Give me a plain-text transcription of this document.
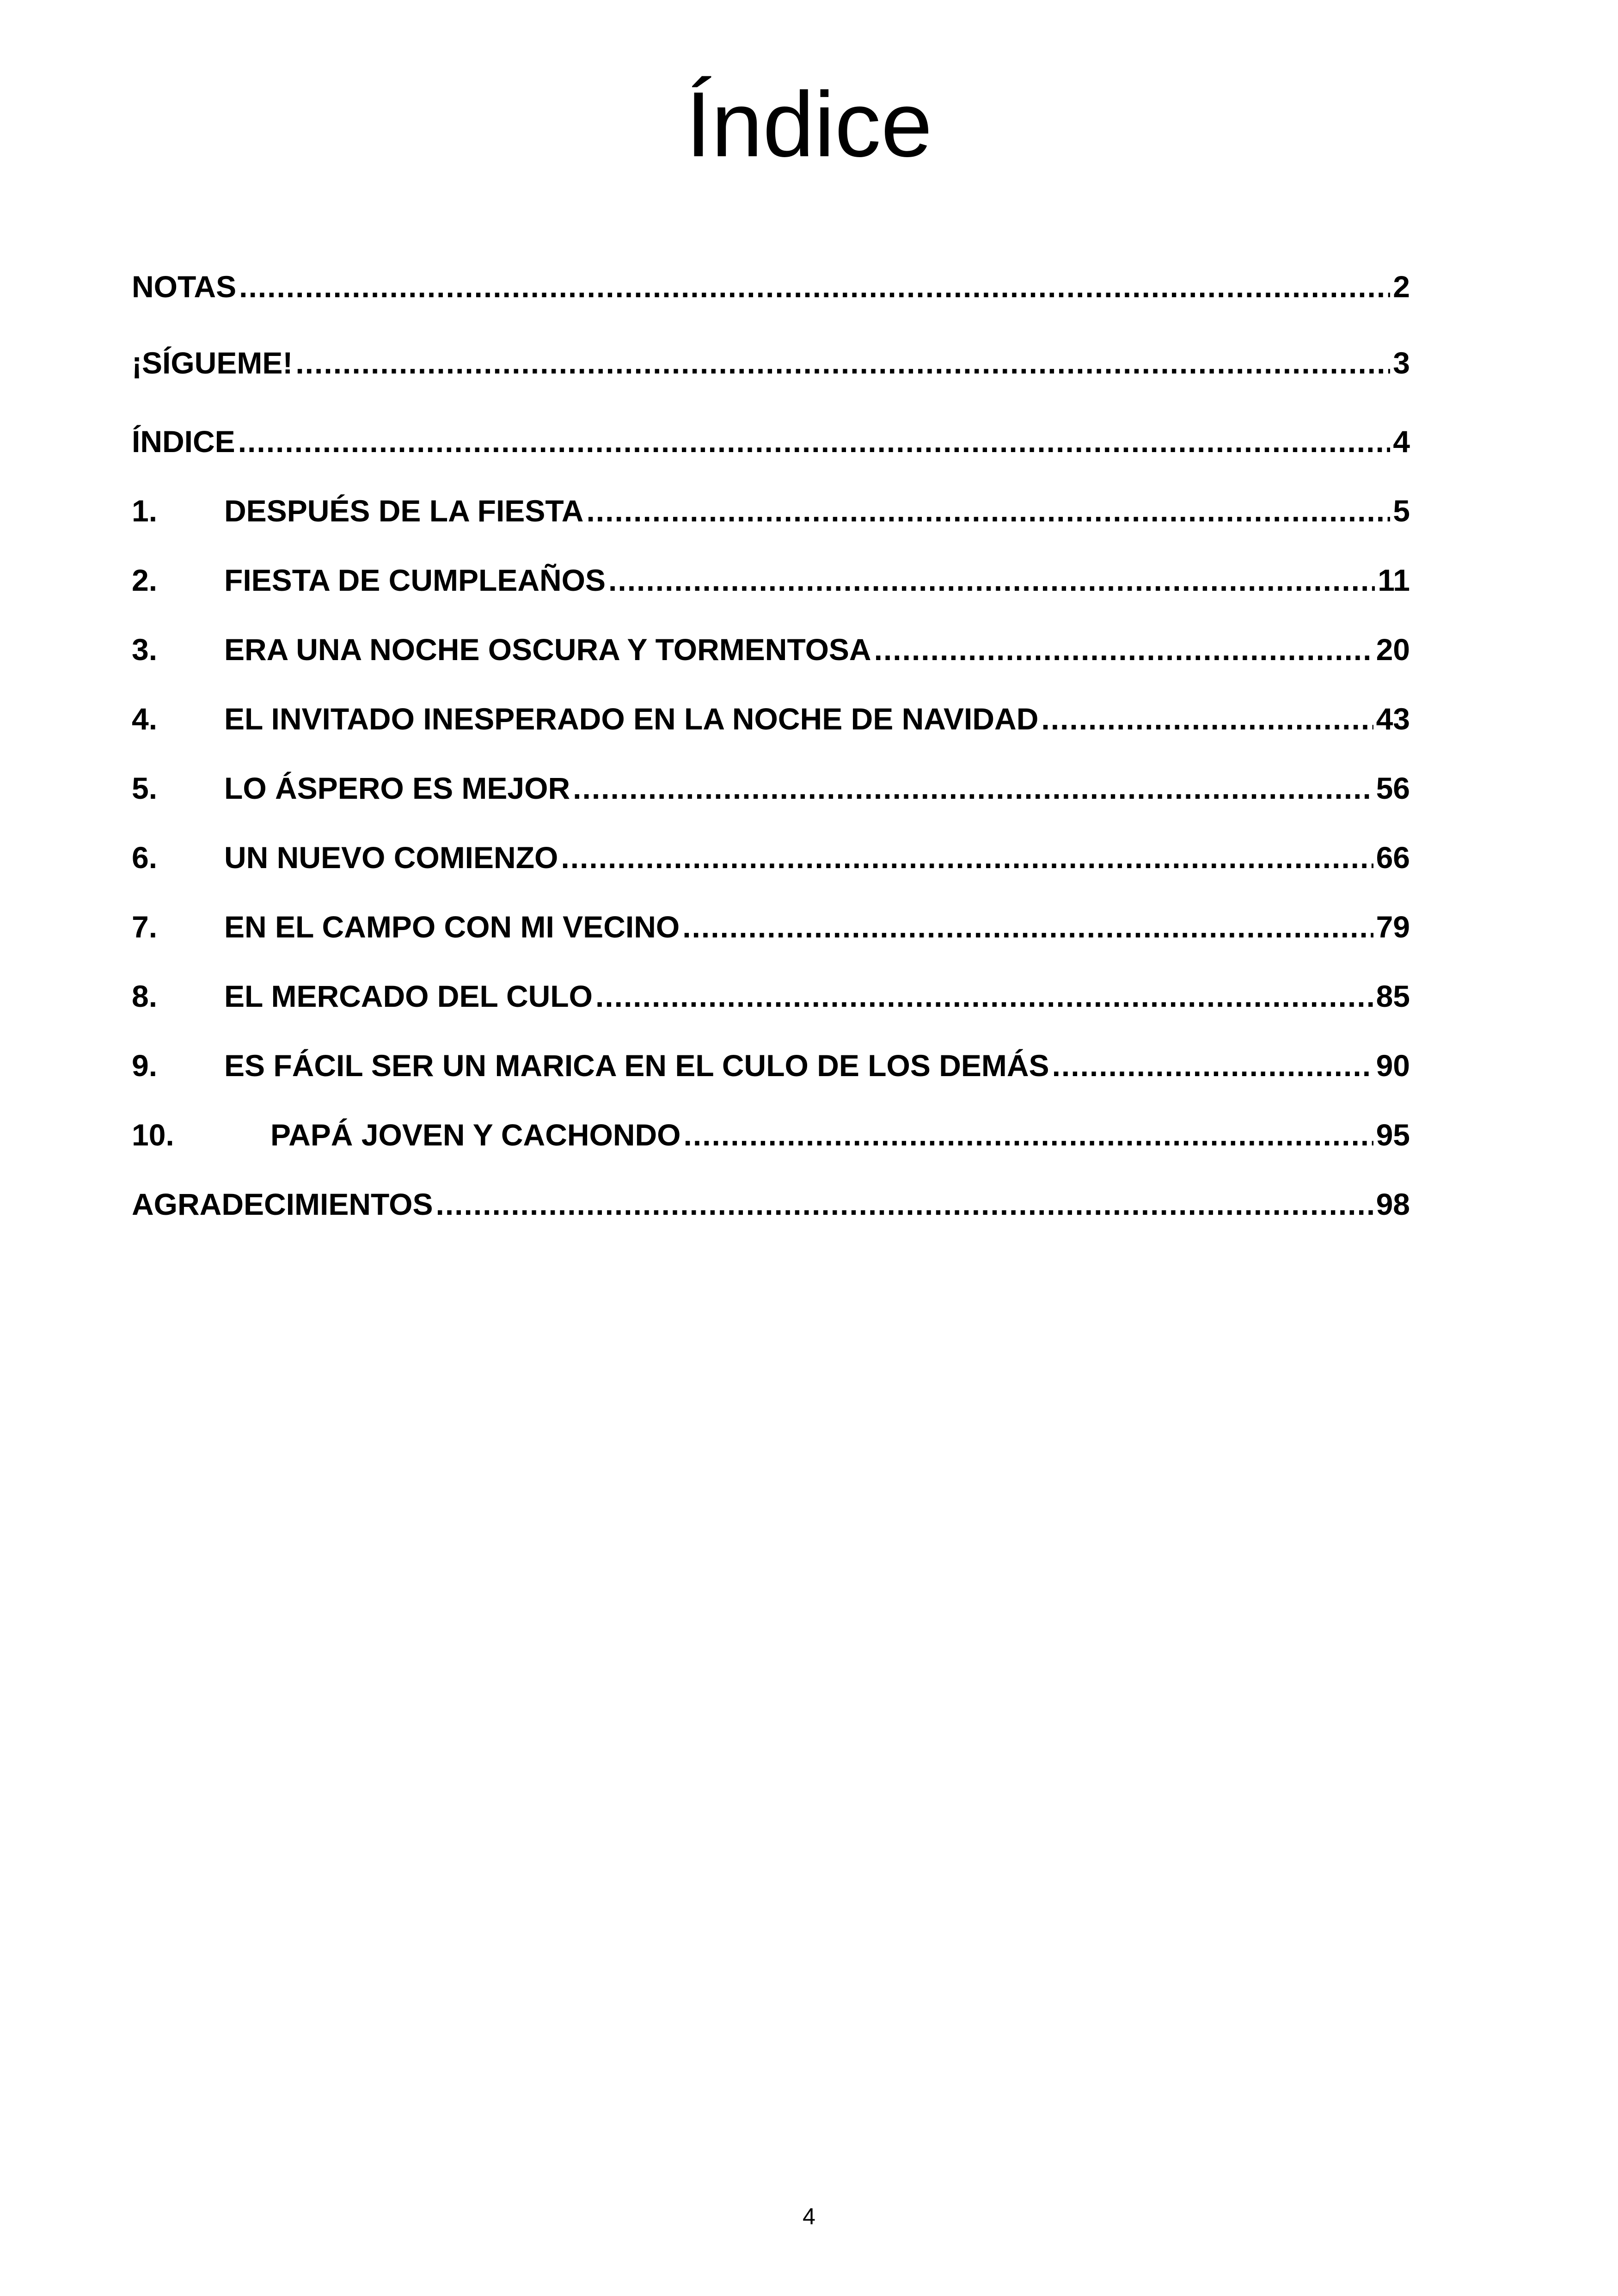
Índice
NOTAS .....	2
¡SÍGUEME! .....	3
ÍNDICE .....	4
1.	DESPUÉS DE LA FIESTA .....	5
2.	FIESTA DE CUMPLEAÑOS .....	11
3.	ERA UNA NOCHE OSCURA Y TORMENTOSA .....	20
4.	EL INVITADO INESPERADO EN LA NOCHE DE NAVIDAD .....	43
5.	LO ÁSPERO ES MEJOR .....	56
6.	UN NUEVO COMIENZO .....	66
7.	EN EL CAMPO CON MI VECINO .....	79
8.	EL MERCADO DEL CULO .....	85
9.	ES FÁCIL SER UN MARICA EN EL CULO DE LOS DEMÁS .....	90
10.	PAPÁ JOVEN Y CACHONDO .....	95
AGRADECIMIENTOS .....	98
4
